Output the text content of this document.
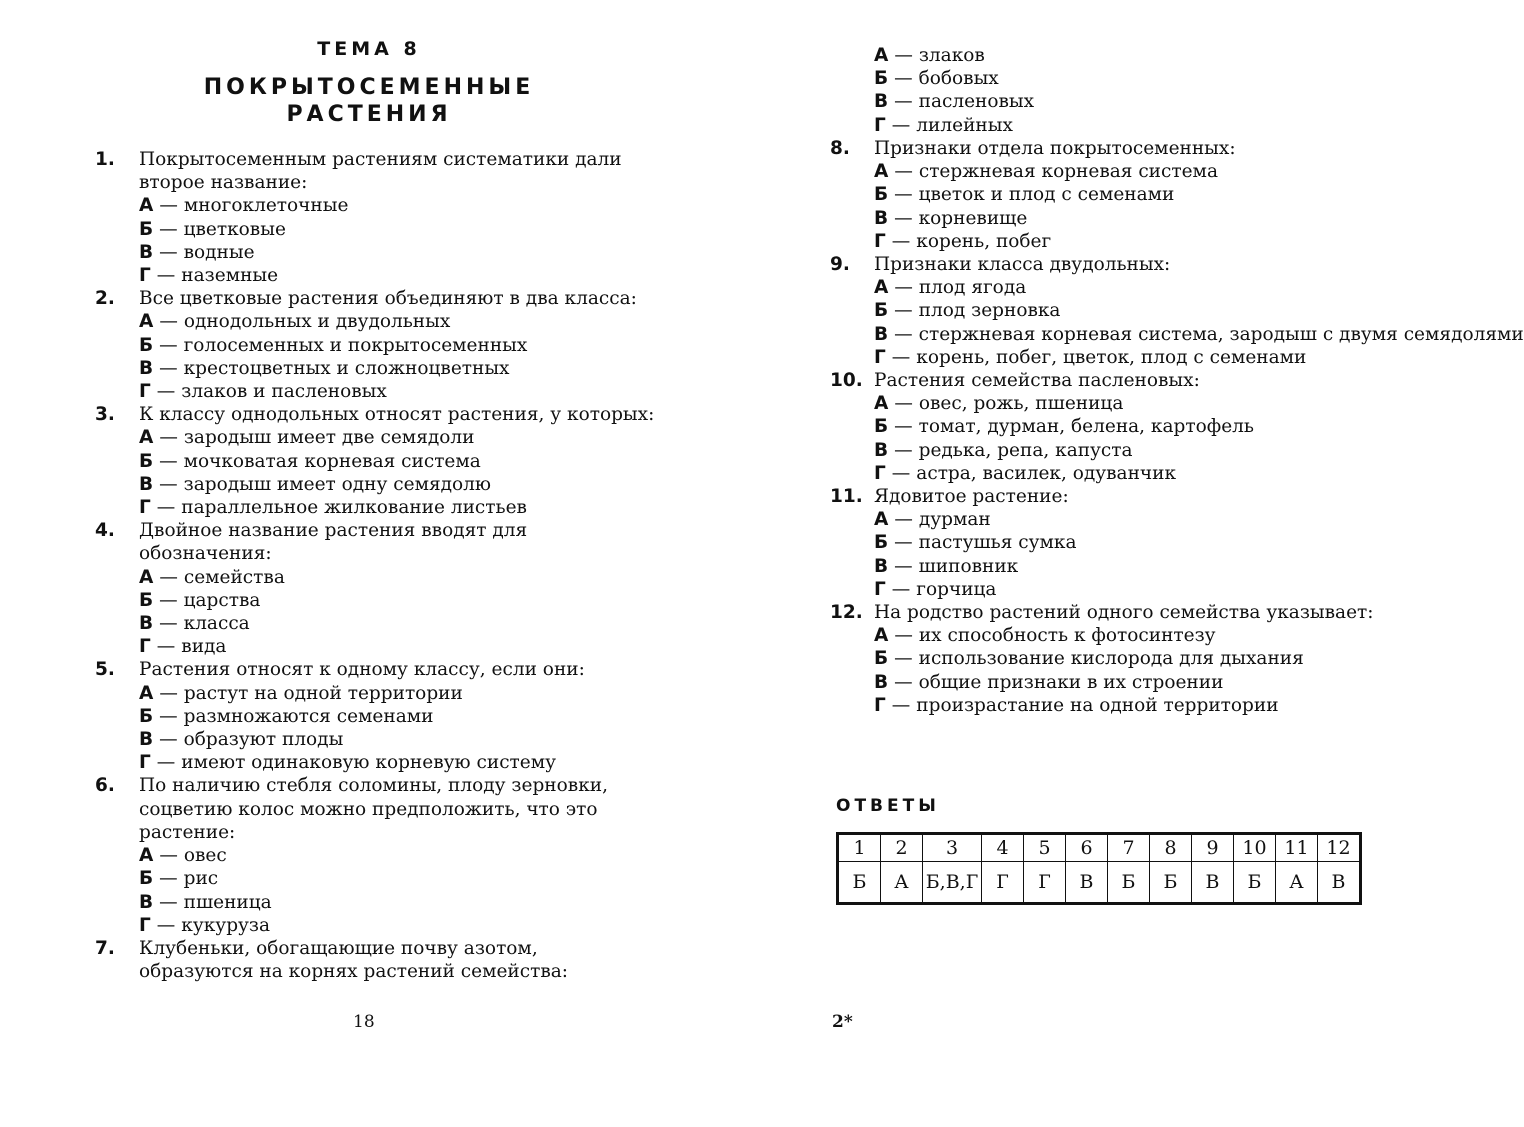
ТЕМА 8
ПОКРЫТОСЕМЕННЫЕ
РАСТЕНИЯ
1.	Покрытосеменным растениям систематики дали второе название:
А — многоклеточные
Б — цветковые
В — водные
Г — наземные
2.	Все цветковые растения объединяют в два класса:
А — однодольных и двудольных
Б — голосеменных и покрытосеменных
В — крестоцветных и сложноцветных
Г — злаков и пасленовых
3.	К классу однодольных относят растения, у которых:
А — зародыш имеет две семядоли
Б — мочковатая корневая система
В — зародыш имеет одну семядолю
Г — параллельное жилкование листьев
4.	Двойное название растения вводят для обозначения:
А — семейства
Б — царства
В — класса
Г — вида
5.	Растения относят к одному классу, если они:
А — растут на одной территории
Б — размножаются семенами
В — образуют плоды
Г — имеют одинаковую корневую систему
6.	По наличию стебля соломины, плоду зерновки, соцветию колос можно предположить, что это растение:
А — овес
Б — рис
В — пшеница
Г — кукуруза
7.	Клубеньки, обогащающие почву азотом, образуются на корнях растений семейства:
18
А — злаков
Б — бобовых
В — пасленовых
Г — лилейных
8.	Признаки отдела покрытосеменных:
А — стержневая корневая система
Б — цветок и плод с семенами
В — корневище
Г — корень, побег
9.	Признаки класса двудольных:
А — плод ягода
Б — плод зерновка
В — стержневая корневая система, зародыш с двумя семядолями
Г — корень, побег, цветок, плод с семенами
10. Растения семейства пасленовых:
А — овес, рожь, пшеница
Б — томат, дурман, белена, картофель
В — редька, репа, капуста
Г — астра, василек, одуванчик
11. Ядовитое растение:
А — дурман
Б — пастушья сумка
В — шиповник
Г — горчица
12. На родство растений одного семейства указывает:
А — их способность к фотосинтезу
Б — использование кислорода для дыхания
В — общие признаки в их строении
Г — произрастание на одной территории
ОТВЕТЫ
1	2	3	4	5	6	7	8	9	10	11	12
Б	А	Б,В,Г	Г	Г	В	Б	Б	В	Б	А	В
2*
